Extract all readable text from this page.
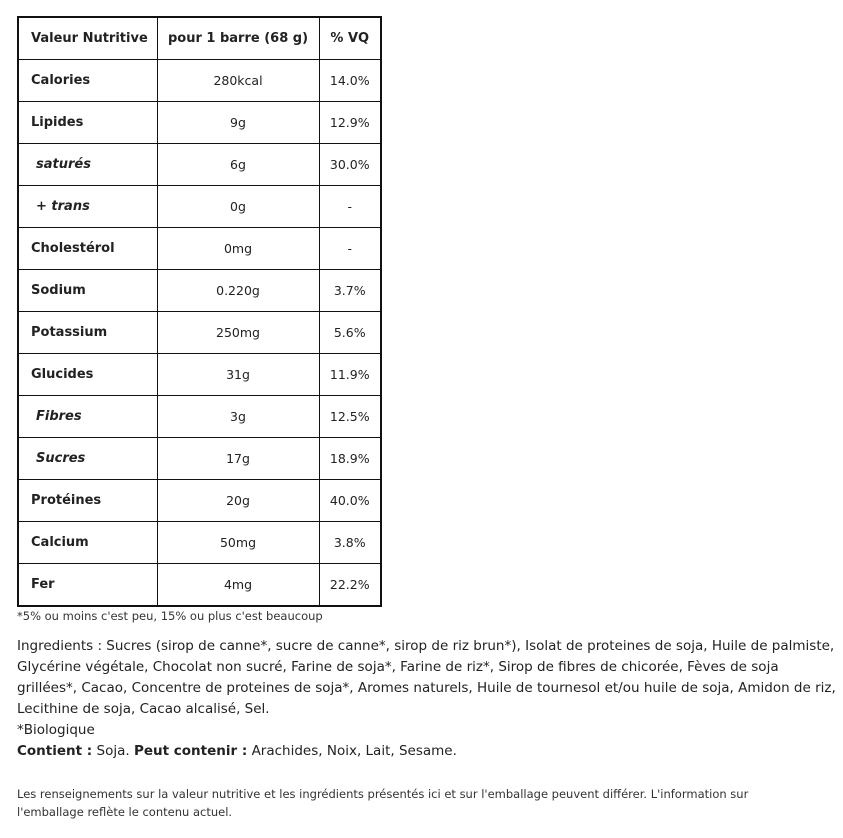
Valeur Nutritive	pour 1 barre (68 g)	% VQ
Calories	280kcal	14.0%
Lipides	9g	12.9%
saturés	6g	30.0%
+ trans	0g	-
Cholestérol	0mg	-
Sodium	0.220g	3.7%
Potassium	250mg	5.6%
Glucides	31g	11.9%
Fibres	3g	12.5%
Sucres	17g	18.9%
Protéines	20g	40.0%
Calcium	50mg	3.8%
Fer	4mg	22.2%
*5% ou moins c'est peu, 15% ou plus c'est beaucoup
Ingredients : Sucres (sirop de canne*, sucre de canne*, sirop de riz brun*), Isolat de proteines de soja, Huile de palmiste, Glycérine végétale, Chocolat non sucré, Farine de soja*, Farine de riz*, Sirop de fibres de chicorée, Fèves de soja grillées*, Cacao, Concentre de proteines de soja*, Aromes naturels, Huile de tournesol et/ou huile de soja, Amidon de riz, Lecithine de soja, Cacao alcalisé, Sel.
*Biologique
Contient : Soja. Peut contenir : Arachides, Noix, Lait, Sesame.
Les renseignements sur la valeur nutritive et les ingrédients présentés ici et sur l'emballage peuvent différer. L'information sur l'emballage reflète le contenu actuel.
